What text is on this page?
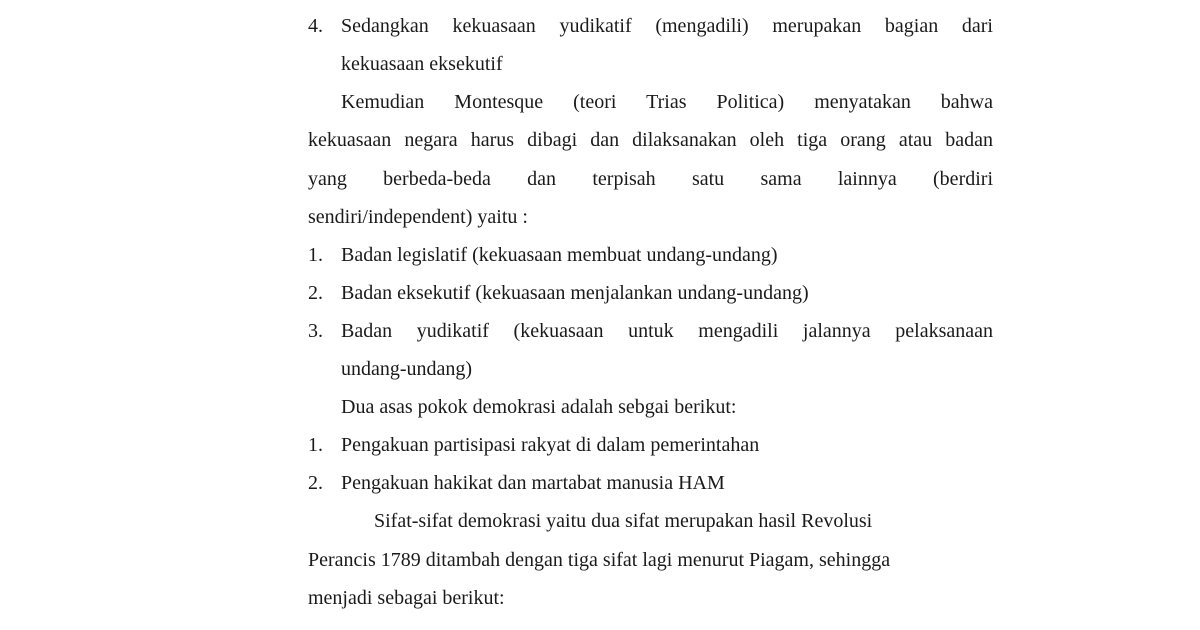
4. Sedangkan kekuasaan yudikatif (mengadili) merupakan bagian dari
kekuasaan eksekutif
Kemudian Montesque (teori Trias Politica) menyatakan bahwa
kekuasaan negara harus dibagi dan dilaksanakan oleh tiga orang atau badan
yang berbeda-beda dan terpisah satu sama lainnya (berdiri
sendiri/independent) yaitu :
1. Badan legislatif (kekuasaan membuat undang-undang)
2. Badan eksekutif (kekuasaan menjalankan undang-undang)
3. Badan yudikatif (kekuasaan untuk mengadili jalannya pelaksanaan
undang-undang)
Dua asas pokok demokrasi adalah sebgai berikut:
1. Pengakuan partisipasi rakyat di dalam pemerintahan
2. Pengakuan hakikat dan martabat manusia HAM
Sifat-sifat demokrasi yaitu dua sifat merupakan hasil Revolusi
Perancis 1789 ditambah dengan tiga sifat lagi menurut Piagam, sehingga
menjadi sebagai berikut:
